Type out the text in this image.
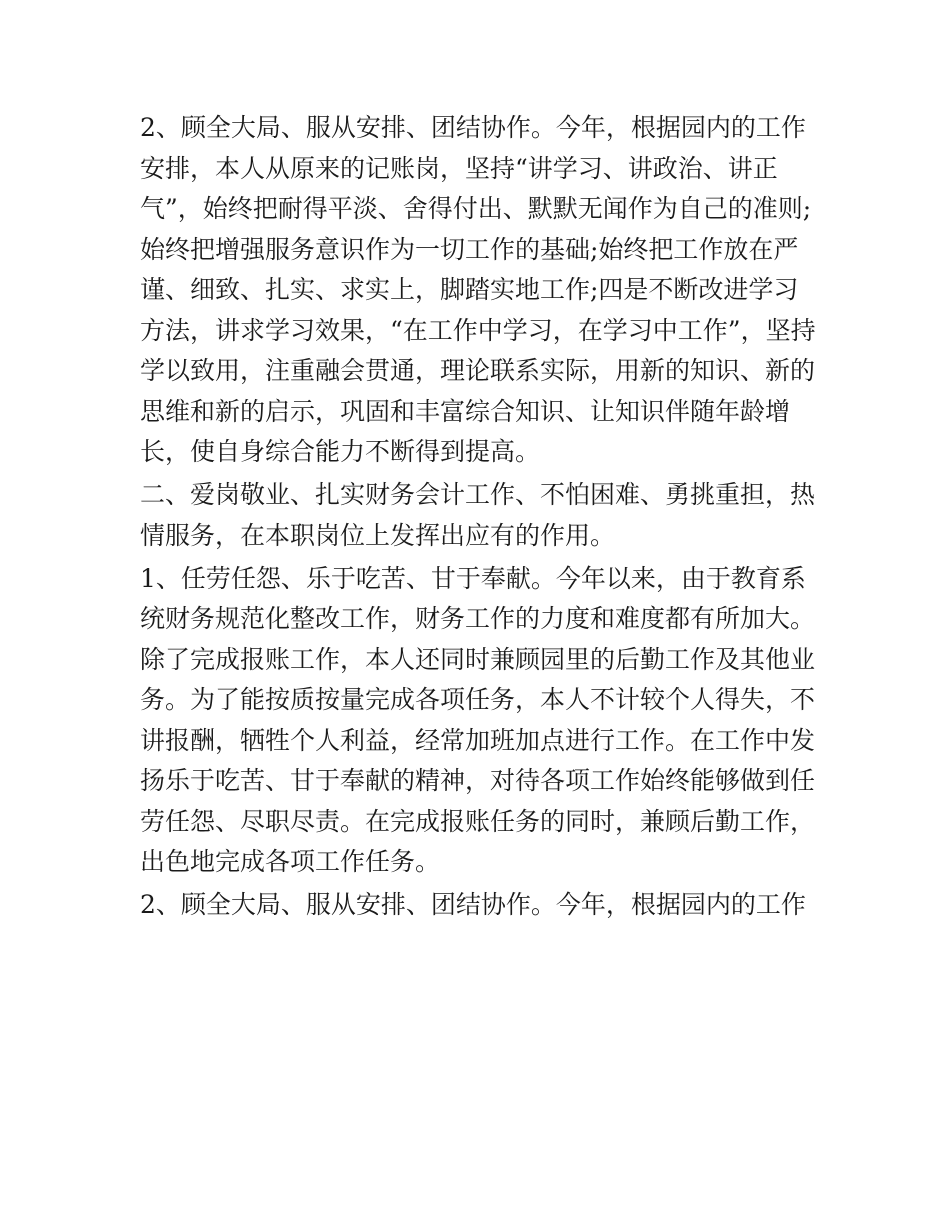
2、顾全大局、服从安排、团结协作。今年，根据园内的工作
安排，本人从原来的记账岗，坚持“讲学习、讲政治、讲正
气”，始终把耐得平淡、舍得付出、默默无闻作为自己的准则;
始终把增强服务意识作为一切工作的基础;始终把工作放在严
谨、细致、扎实、求实上，脚踏实地工作;四是不断改进学习
方法，讲求学习效果，“在工作中学习，在学习中工作”，坚持
学以致用，注重融会贯通，理论联系实际，用新的知识、新的
思维和新的启示，巩固和丰富综合知识、让知识伴随年龄增
长，使自身综合能力不断得到提高。

二、爱岗敬业、扎实财务会计工作、不怕困难、勇挑重担，热
情服务，在本职岗位上发挥出应有的作用。

1、任劳任怨、乐于吃苦、甘于奉献。今年以来，由于教育系
统财务规范化整改工作，财务工作的力度和难度都有所加大。
除了完成报账工作，本人还同时兼顾园里的后勤工作及其他业
务。为了能按质按量完成各项任务，本人不计较个人得失，不
讲报酬，牺牲个人利益，经常加班加点进行工作。在工作中发
扬乐于吃苦、甘于奉献的精神，对待各项工作始终能够做到任
劳任怨、尽职尽责。在完成报账任务的同时，兼顾后勤工作，
出色地完成各项工作任务。

2、顾全大局、服从安排、团结协作。今年，根据园内的工作
